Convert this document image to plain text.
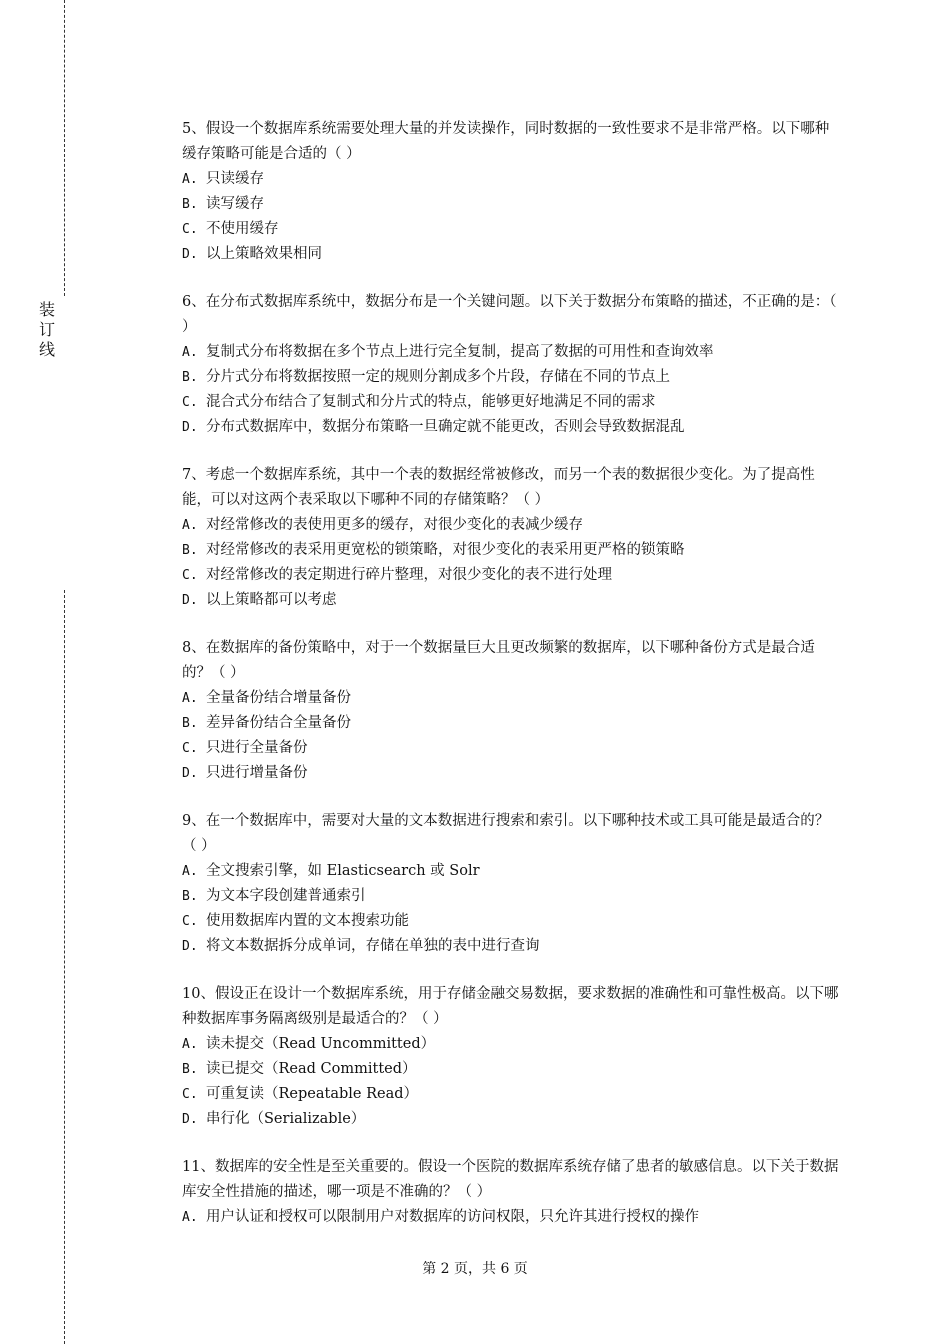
装
订
线

5、假设一个数据库系统需要处理大量的并发读操作，同时数据的一致性要求不是非常严格。以下哪种缓存策略可能是合适的（ ）

A. 只读缓存
B. 读写缓存
C. 不使用缓存
D. 以上策略效果相同

6、在分布式数据库系统中，数据分布是一个关键问题。以下关于数据分布策略的描述，不正确的是：（ ）

A. 复制式分布将数据在多个节点上进行完全复制，提高了数据的可用性和查询效率
B. 分片式分布将数据按照一定的规则分割成多个片段，存储在不同的节点上
C. 混合式分布结合了复制式和分片式的特点，能够更好地满足不同的需求
D. 分布式数据库中，数据分布策略一旦确定就不能更改，否则会导致数据混乱

7、考虑一个数据库系统，其中一个表的数据经常被修改，而另一个表的数据很少变化。为了提高性能，可以对这两个表采取以下哪种不同的存储策略？（ ）

A. 对经常修改的表使用更多的缓存，对很少变化的表减少缓存
B. 对经常修改的表采用更宽松的锁策略，对很少变化的表采用更严格的锁策略
C. 对经常修改的表定期进行碎片整理，对很少变化的表不进行处理
D. 以上策略都可以考虑

8、在数据库的备份策略中，对于一个数据量巨大且更改频繁的数据库，以下哪种备份方式是最合适的？（ ）

A. 全量备份结合增量备份
B. 差异备份结合全量备份
C. 只进行全量备份
D. 只进行增量备份

9、在一个数据库中，需要对大量的文本数据进行搜索和索引。以下哪种技术或工具可能是最适合的？（ ）

A. 全文搜索引擎，如 Elasticsearch 或 Solr
B. 为文本字段创建普通索引
C. 使用数据库内置的文本搜索功能
D. 将文本数据拆分成单词，存储在单独的表中进行查询

10、假设正在设计一个数据库系统，用于存储金融交易数据，要求数据的准确性和可靠性极高。以下哪种数据库事务隔离级别是最适合的？（ ）

A. 读未提交（Read Uncommitted）
B. 读已提交（Read Committed）
C. 可重复读（Repeatable Read）
D. 串行化（Serializable）

11、数据库的安全性是至关重要的。假设一个医院的数据库系统存储了患者的敏感信息。以下关于数据库安全性措施的描述，哪一项是不准确的？（ ）

A. 用户认证和授权可以限制用户对数据库的访问权限，只允许其进行授权的操作
第 2 页，共 6 页
